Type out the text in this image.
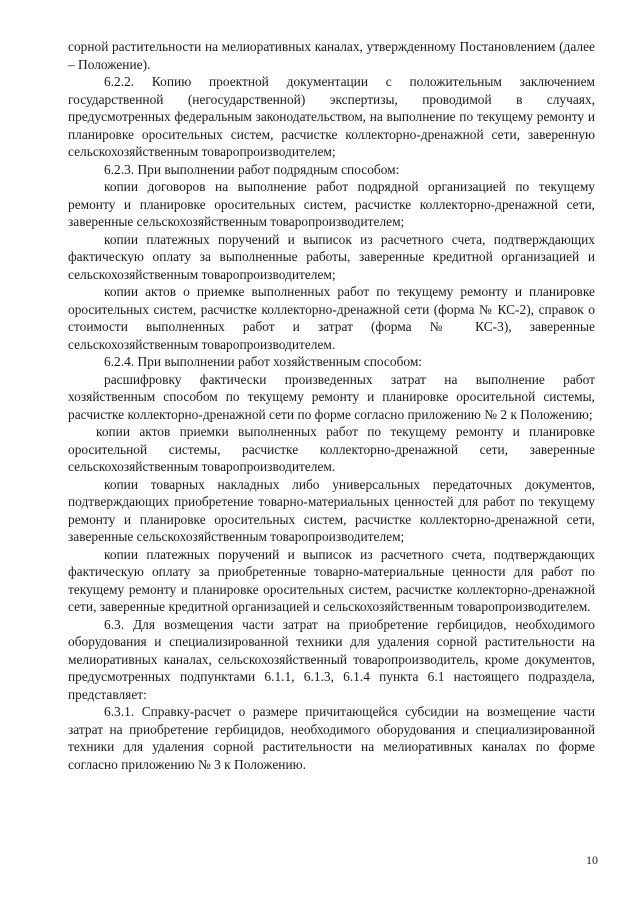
сорной растительности на мелиоративных каналах, утвержденному Постановлением (далее – Положение).

6.2.2. Копию проектной документации с положительным заключением государственной (негосударственной) экспертизы, проводимой в случаях, предусмотренных федеральным законодательством, на выполнение по текущему ремонту и планировке оросительных систем, расчистке коллекторно-дренажной сети, заверенную сельскохозяйственным товаропроизводителем;

6.2.3. При выполнении работ подрядным способом:

копии договоров на выполнение работ подрядной организацией по текущему ремонту и планировке оросительных систем, расчистке коллекторно-дренажной сети, заверенные сельскохозяйственным товаропроизводителем;

копии платежных поручений и выписок из расчетного счета, подтверждающих фактическую оплату за выполненные работы, заверенные кредитной организацией и сельскохозяйственным товаропроизводителем;

копии актов о приемке выполненных работ по текущему ремонту и планировке оросительных систем, расчистке коллекторно-дренажной сети (форма № КС-2), справок о стоимости выполненных работ и затрат (форма № КС-3), заверенные сельскохозяйственным товаропроизводителем.

6.2.4. При выполнении работ хозяйственным способом:

расшифровку фактически произведенных затрат на выполнение работ хозяйственным способом по текущему ремонту и планировке оросительной системы, расчистке коллекторно-дренажной сети по форме согласно приложению № 2 к Положению;

копии актов приемки выполненных работ по текущему ремонту и планировке оросительной системы, расчистке коллекторно-дренажной сети, заверенные сельскохозяйственным товаропроизводителем.

копии товарных накладных либо универсальных передаточных документов, подтверждающих приобретение товарно-материальных ценностей для работ по текущему ремонту и планировке оросительных систем, расчистке коллекторно-дренажной сети, заверенные сельскохозяйственным товаропроизводителем;

копии платежных поручений и выписок из расчетного счета, подтверждающих фактическую оплату за приобретенные товарно-материальные ценности для работ по текущему ремонту и планировке оросительных систем, расчистке коллекторно-дренажной сети, заверенные кредитной организацией и сельскохозяйственным товаропроизводителем.

6.3. Для возмещения части затрат на приобретение гербицидов, необходимого оборудования и специализированной техники для удаления сорной растительности на мелиоративных каналах, сельскохозяйственный товаропроизводитель, кроме документов, предусмотренных подпунктами 6.1.1, 6.1.3, 6.1.4 пункта 6.1 настоящего подраздела, представляет:

6.3.1. Справку-расчет о размере причитающейся субсидии на возмещение части затрат на приобретение гербицидов, необходимого оборудования и специализированной техники для удаления сорной растительности на мелиоративных каналах по форме согласно приложению № 3 к Положению.

10
